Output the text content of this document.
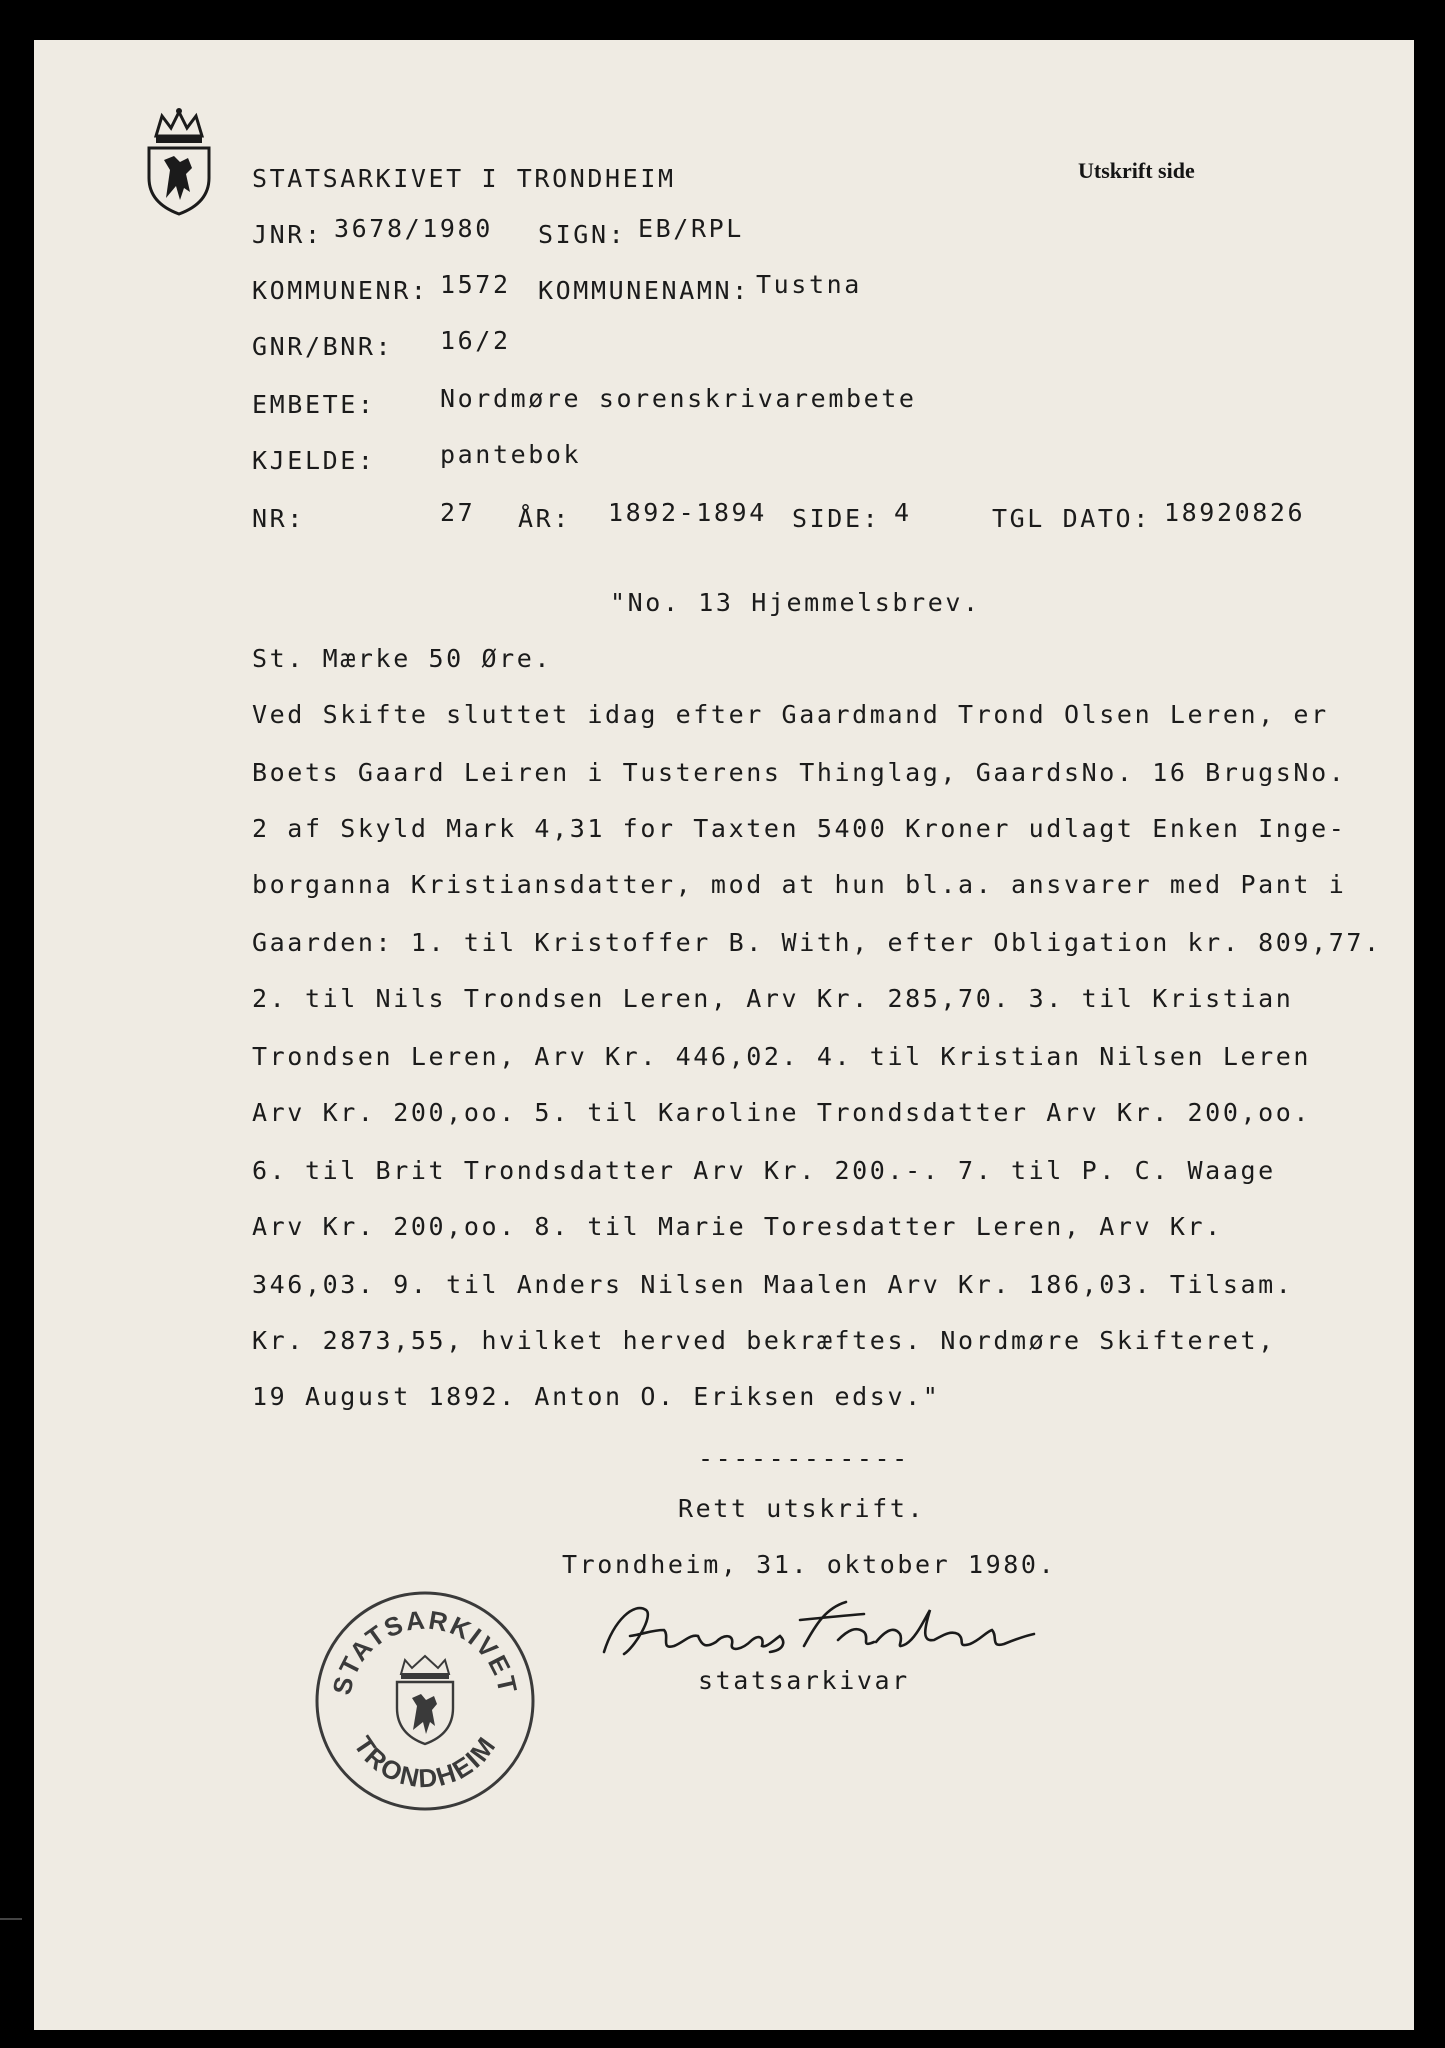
STATSARKIVET I TRONDHEIM	Utskrift side
JNR: 3678/1980 SIGN: EB/RPL
KOMMUNENR: 1572 KOMMUNENAMN: Tustna
GNR/BNR: 16/2
EMBETE:	Nordmøre sorenskrivarembete
KJELDE:	pantebok
NR:	27 ÅR: 1892-1894 SIDE: 4	TGL DATO: 18920826
"No. 13 Hjemmelsbrev.
St. Mærke 50 Øre.
Ved Skifte sluttet idag efter Gaardmand Trond Olsen Leren, er
Boets Gaard Leiren i Tusterens Thinglag, GaardsNo. 16 BrugsNo.
2 af Skyld Mark 4,31 for Taxten 5400 Kroner udlagt Enken Inge-
borganna Kristiansdatter, mod at hun bl.a. ansvarer med Pant i
Gaarden: 1. til Kristoffer B. With, efter Obligation kr. 809,77.
2. til Nils Trondsen Leren, Arv Kr. 285,70. 3. til Kristian
Trondsen Leren, Arv Kr. 446,02. 4. til Kristian Nilsen Leren
Arv Kr. 200,oo. 5. til Karoline Trondsdatter Arv Kr. 200,oo.
6. til Brit Trondsdatter Arv Kr. 200.-. 7. til P. C. Waage
Arv Kr. 200,oo. 8. til Marie Toresdatter Leren, Arv Kr.
346,03. 9. til Anders Nilsen Maalen Arv Kr. 186,03. Tilsam.
Kr. 2873,55, hvilket herved bekræftes. Nordmøre Skifteret,
19 August 1892. Anton O. Eriksen edsv."
------------
Rett utskrift.
Trondheim, 31. oktober 1980.
statsarkivar
STATSARKIVET
TRONDHEIM
